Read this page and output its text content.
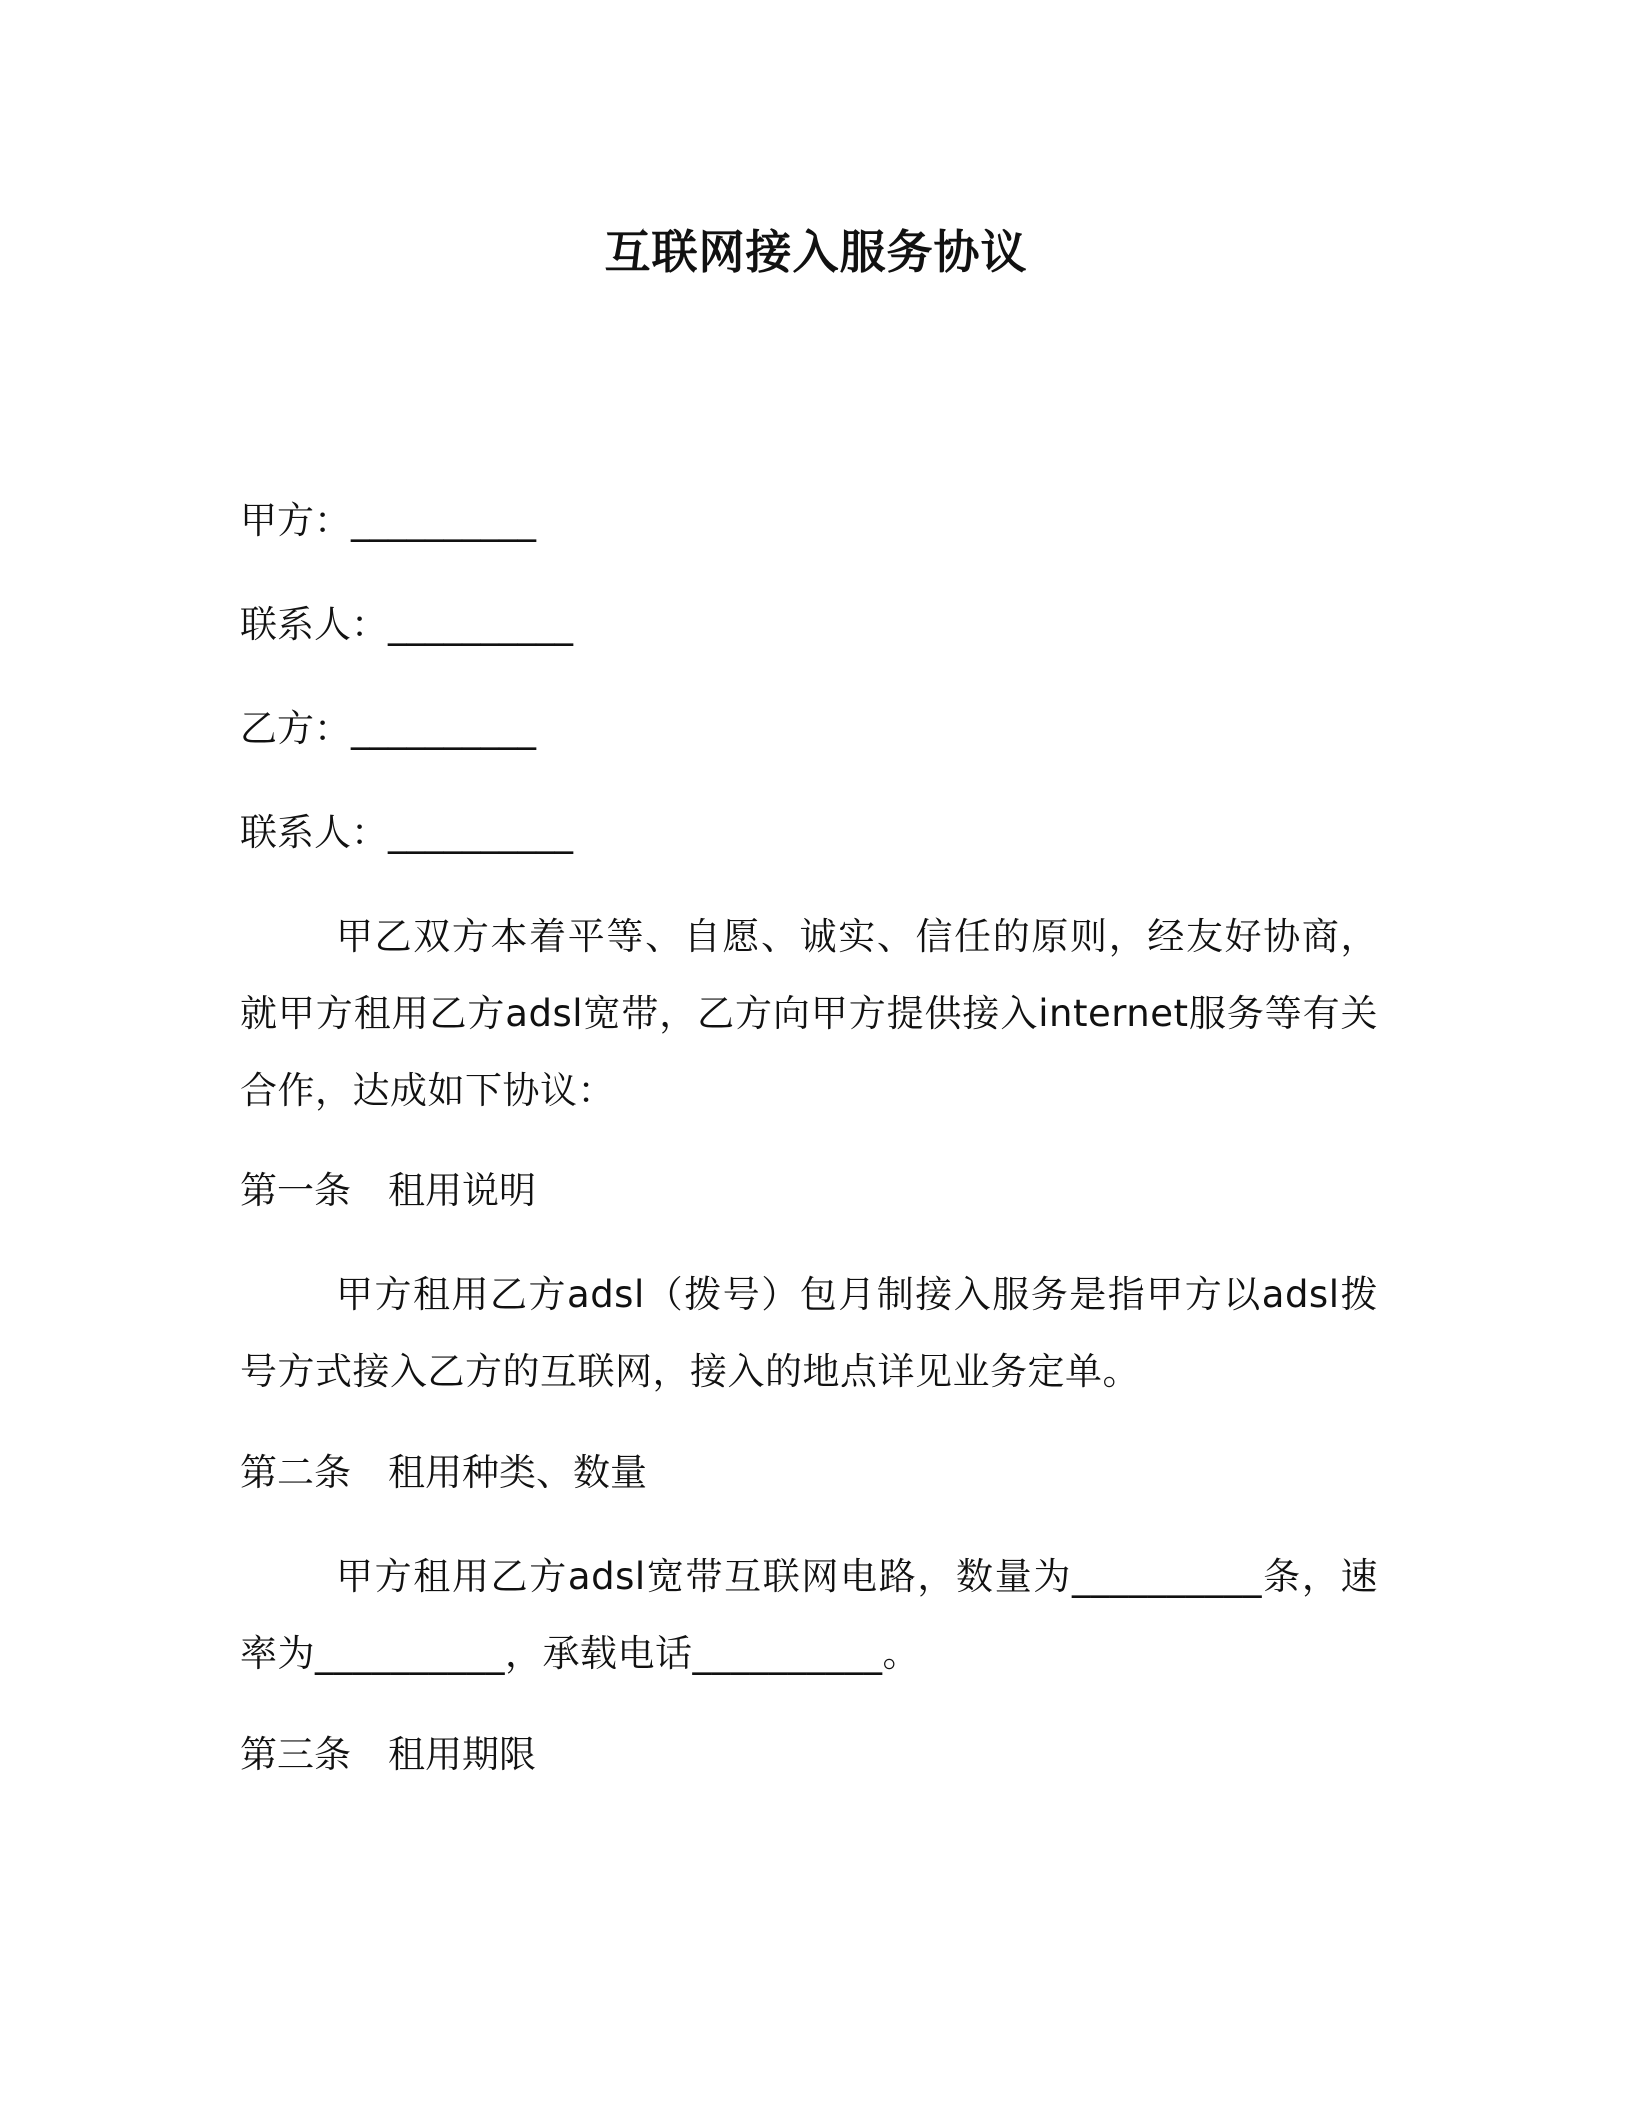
互联网接入服务协议
甲方：__________
联系人：__________
乙方：__________
联系人：__________
甲乙双方本着平等、自愿、诚实、信任的原则，经友好协商，就甲方租用乙方adsl宽带，乙方向甲方提供接入internet服务等有关合作，达成如下协议：
第一条　租用说明
甲方租用乙方adsl（拨号）包月制接入服务是指甲方以adsl拨号方式接入乙方的互联网，接入的地点详见业务定单。
第二条　租用种类、数量
甲方租用乙方adsl宽带互联网电路，数量为__________条，速率为__________，承载电话__________。
第三条　租用期限
